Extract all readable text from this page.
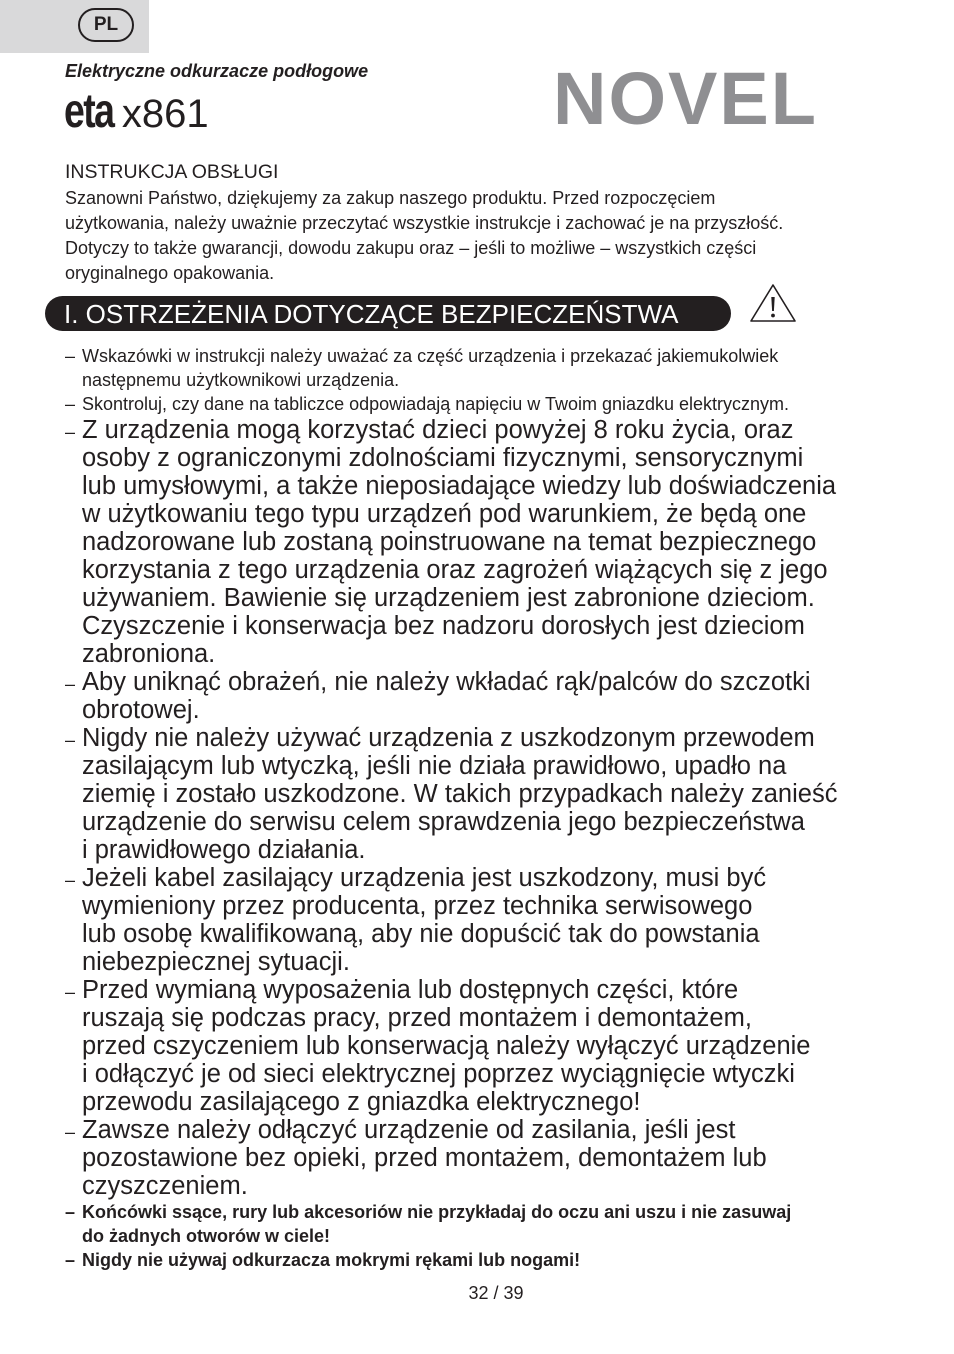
PL
Elektryczne odkurzacze podłogowe
eta x861	NOVEL
INSTRUKCJA OBSŁUGI
Szanowni Państwo, dziękujemy za zakup naszego produktu. Przed rozpoczęciem
użytkowania, należy uważnie przeczytać wszystkie instrukcje i zachować je na przyszłość.
Dotyczy to także gwarancji, dowodu zakupu oraz – jeśli to możliwe – wszystkich części
oryginalnego opakowania.
I. OSTRZEŻENIA DOTYCZĄCE BEZPIECZEŃSTWA
– Wskazówki w instrukcji należy uważać za część urządzenia i przekazać jakiemukolwiek
następnemu użytkownikowi urządzenia.
– Skontroluj, czy dane na tabliczce odpowiadają napięciu w Twoim gniazdku elektrycznym.
– Z urządzenia mogą korzystać dzieci powyżej 8 roku życia, oraz
osoby z ograniczonymi zdolnościami fizycznymi, sensorycznymi
lub umysłowymi, a także nieposiadające wiedzy lub doświadczenia
w użytkowaniu tego typu urządzeń pod warunkiem, że będą one
nadzorowane lub zostaną poinstruowane na temat bezpiecznego
korzystania z tego urządzenia oraz zagrożeń wiążących się z jego
używaniem. Bawienie się urządzeniem jest zabronione dzieciom.
Czyszczenie i konserwacja bez nadzoru dorosłych jest dzieciom
zabroniona.
– Aby uniknąć obrażeń, nie należy wkładać rąk/palców do szczotki
obrotowej.
– Nigdy nie należy używać urządzenia z uszkodzonym przewodem
zasilającym lub wtyczką, jeśli nie działa prawidłowo, upadło na
ziemię i zostało uszkodzone. W takich przypadkach należy zanieść
urządzenie do serwisu celem sprawdzenia jego bezpieczeństwa
i prawidłowego działania.
– Jeżeli kabel zasilający urządzenia jest uszkodzony, musi być
wymieniony przez producenta, przez technika serwisowego
lub osobę kwalifikowaną, aby nie dopuścić tak do powstania
niebezpiecznej sytuacji.
– Przed wymianą wyposażenia lub dostępnych części, które
ruszają się podczas pracy, przed montażem i demontażem,
przed cszyczeniem lub konserwacją należy wyłączyć urządzenie
i odłączyć je od sieci elektrycznej poprzez wyciągnięcie wtyczki
przewodu zasilającego z gniazdka elektrycznego!
– Zawsze należy odłączyć urządzenie od zasilania, jeśli jest
pozostawione bez opieki, przed montażem, demontażem lub
czyszczeniem.
– Końcówki ssące, rury lub akcesoriów nie przykładaj do oczu ani uszu i nie zasuwaj
do żadnych otworów w ciele!
– Nigdy nie używaj odkurzacza mokrymi rękami lub nogami!
32 / 39
